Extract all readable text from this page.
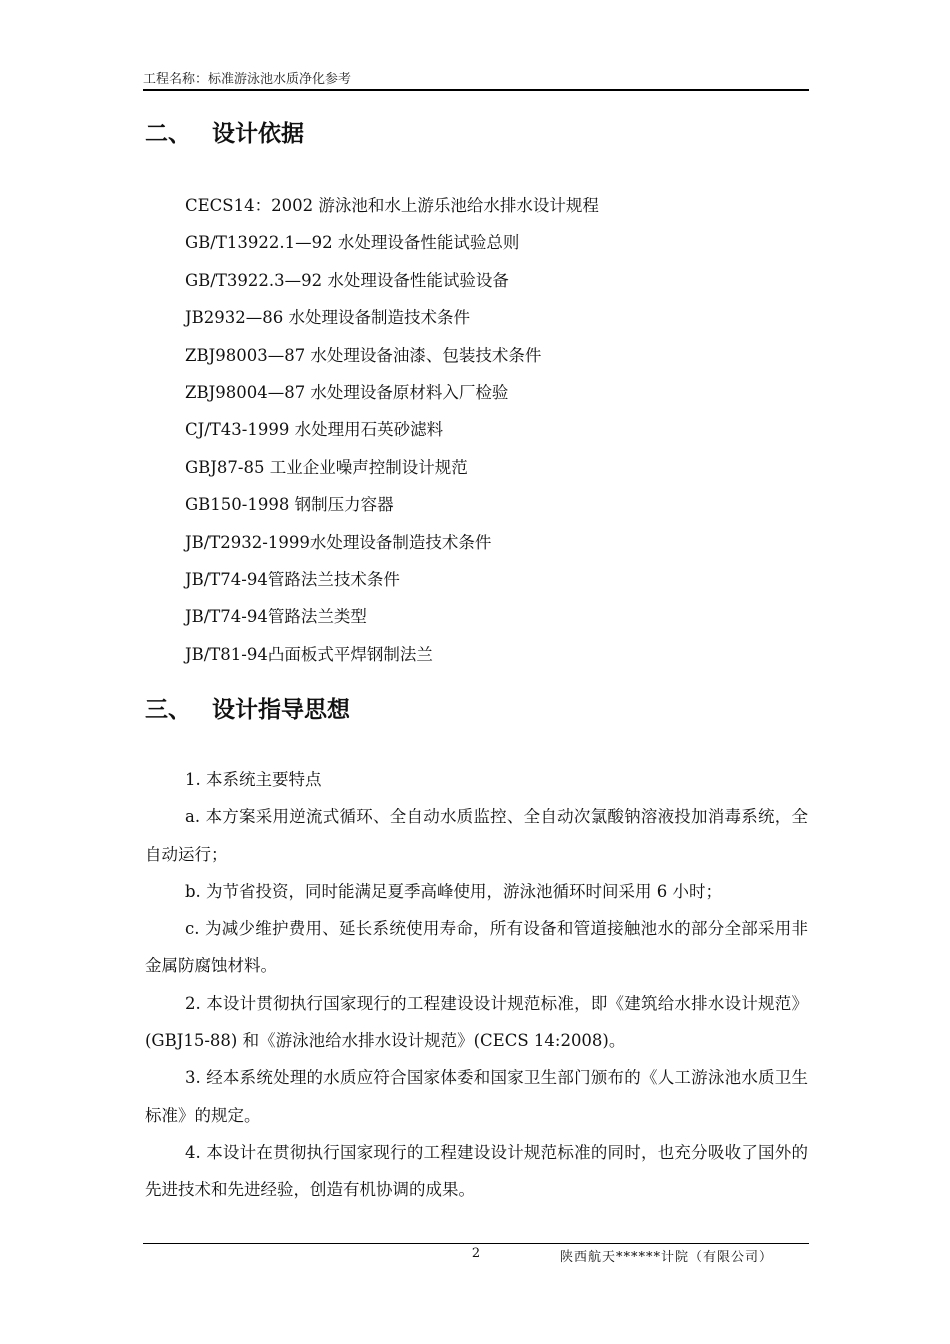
工程名称：标准游泳池水质净化参考
二、 设计依据
CECS14：2002 游泳池和水上游乐池给水排水设计规程
GB/T13922.1—92 水处理设备性能试验总则
GB/T3922.3—92 水处理设备性能试验设备
JB2932—86 水处理设备制造技术条件
ZBJ98003—87 水处理设备油漆、包装技术条件
ZBJ98004—87 水处理设备原材料入厂检验
CJ/T43-1999 水处理用石英砂滤料
GBJ87-85 工业企业噪声控制设计规范
GB150-1998 钢制压力容器
JB/T2932-1999水处理设备制造技术条件
JB/T74-94管路法兰技术条件
JB/T74-94管路法兰类型
JB/T81-94凸面板式平焊钢制法兰
三、 设计指导思想

1. 本系统主要特点

a. 本方案采用逆流式循环、全自动水质监控、全自动次氯酸钠溶液投加消毒系统，全自动运行；

b. 为节省投资，同时能满足夏季高峰使用，游泳池循环时间采用 6 小时；

c. 为减少维护费用、延长系统使用寿命，所有设备和管道接触池水的部分全部采用非金属防腐蚀材料。

2. 本设计贯彻执行国家现行的工程建设设计规范标准，即《建筑给水排水设计规范》(GBJ15-88) 和《游泳池给水排水设计规范》(CECS 14:2008)。

3. 经本系统处理的水质应符合国家体委和国家卫生部门颁布的《人工游泳池水质卫生标准》的规定。

4. 本设计在贯彻执行国家现行的工程建设设计规范标准的同时，也充分吸收了国外的先进技术和先进经验，创造有机协调的成果。

2	陕西航天******计院（有限公司）
